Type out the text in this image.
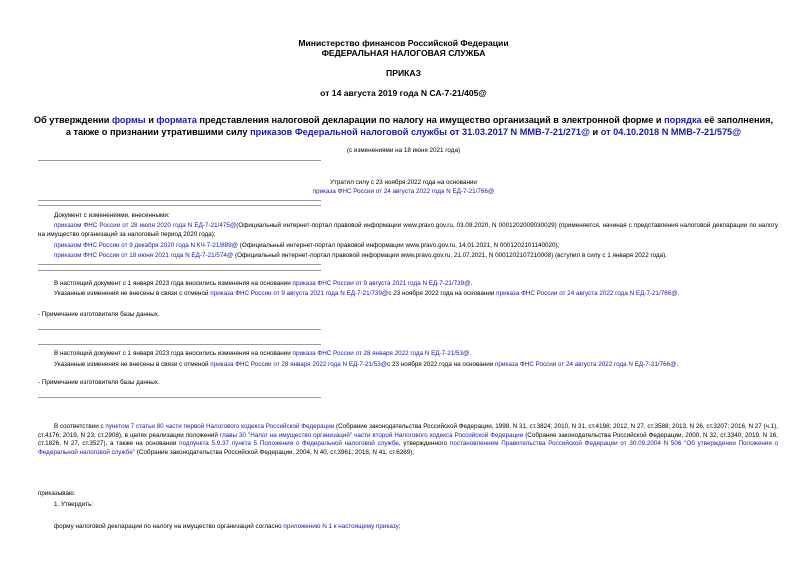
Министерство финансов Российской Федерации
ФЕДЕРАЛЬНАЯ НАЛОГОВАЯ СЛУЖБА
ПРИКАЗ
от 14 августа 2019 года N СА-7-21/405@
Об утверждении формы и формата представления налоговой декларации по налогу на имущество организаций в электронной форме и порядка её заполнения, а также о признании утратившими силу приказов Федеральной налоговой службы от 31.03.2017 N ММВ-7-21/271@ и от 04.10.2018 N ММВ-7-21/575@
(с изменениями на 18 июня 2021 года)
Утратил силу с 23 ноября 2022 года на основании
приказа ФНС России от 24 августа 2022 года N ЕД-7-21/766@
Документ с изменениями, внесенными:
приказом ФНС России от 28 июля 2020 года N ЕД-7-21/475@(Официальный интернет-портал правовой информации www.pravo.gov.ru, 03.09.2020, N 0001202009030029) (применяется, начиная с представления налоговой декларации по налогу на имущество организаций за налоговый период 2020 года);
приказом ФНС России от 9 декабря 2020 года N КЧ-7-21/889@ (Официальный интернет-портал правовой информации www.pravo.gov.ru, 14.01.2021, N 0001202101140020);
приказом ФНС России от 18 июня 2021 года N ЕД-7-21/574@ (Официальный интернет-портал правовой информации www.pravo.gov.ru, 21.07.2021, N 0001202107210008) (вступил в силу с 1 января 2022 года).
В настоящий документ с 1 января 2023 года вносились изменения на основании приказа ФНС России от 9 августа 2021 года N ЕД-7-21/739@.
Указанные изменения не внесены в связи с отменой приказа ФНС России от 9 августа 2021 года N ЕД-7-21/739@с 23 ноября 2022 года на основании приказа ФНС России от 24 августа 2022 года N ЕД-7-21/766@.
- Примечание изготовителя базы данных.
В настоящий документ с 1 января 2023 года вносились изменения на основании приказа ФНС России от 28 января 2022 года N ЕД-7-21/53@.
Указанные изменения не внесены в связи с отменой приказа ФНС России от 28 января 2022 года N ЕД-7-21/53@с 23 ноября 2022 года на основании приказа ФНС России от 24 августа 2022 года N ЕД-7-21/766@.
- Примечание изготовителя базы данных.
В соответствии с пунктом 7 статьи 80 части первой Налогового кодекса Российской Федерации (Собрание законодательства Российской Федерации, 1998, N 31, ст.3824; 2010, N 31, ст.4198; 2012, N 27, ст.3588; 2013, N 26, ст.3207; 2016, N 27 (ч.1), ст.4176; 2019, N 23, ст.2908), в целях реализации положений главы 30 "Налог на имущество организаций" части второй Налогового кодекса Российской Федерации (Собрание законодательства Российской Федерации, 2000, N 32, ст.3340; 2019, N 16, ст.1826, N 27, ст.3527), а также на основании подпункта 5.9.37 пункта 5 Положения о Федеральной налоговой службе, утвержденного постановлением Правительства Российской Федерации от 30.09.2004 N 506 "Об утверждении Положения о Федеральной налоговой службе" (Собрание законодательства Российской Федерации, 2004, N 40, ст.3961; 2018, N 41, ст.6269),
приказываю:
1. Утвердить:
форму налоговой декларации по налогу на имущество организаций согласно приложению N 1 к настоящему приказу;
